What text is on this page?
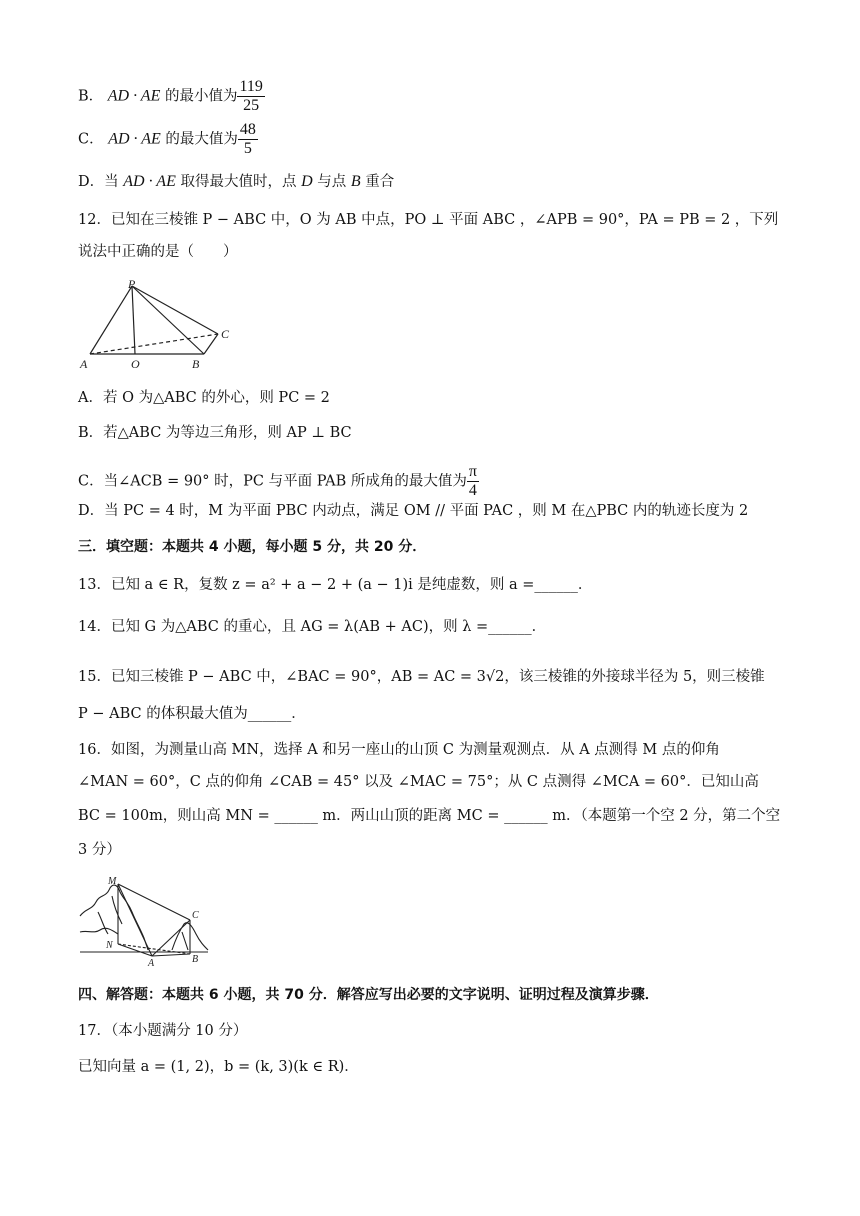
B． AD · AE 的最小值为 $\frac{119}{25}$
C． AD · AE 的最大值为 $\frac{48}{5}$
D．当 AD · AE 取得最大值时，点 D 与点 B 重合
12．已知在三棱锥 P − ABC 中，O 为 AB 中点，PO ⊥ 平面 ABC ，∠APB = 90°，PA = PB = 2 ，下列
说法中正确的是（　　）
P
C
A	O	B
A．若 O 为△ABC 的外心，则 PC = 2
B．若△ABC 为等边三角形，则 AP ⊥ BC
C．当∠ACB = 90° 时，PC 与平面 PAB 所成角的最大值为 $\frac{\pi}{4}$
D．当 PC = 4 时，M 为平面 PBC 内动点，满足 OM // 平面 PAC ，则 M 在△PBC 内的轨迹长度为 2
三．填空题：本题共 4 小题，每小题 5 分，共 20 分．
13．已知 a ∈ R，复数 z = a² + a − 2 + (a − 1)i 是纯虚数，则 a =______．
14．已知 G 为△ABC 的重心，且 AG = λ(AB + AC)，则 λ =______．
15．已知三棱锥 P − ABC 中，∠BAC = 90°，AB = AC = 3√2，该三棱锥的外接球半径为 5，则三棱锥
P − ABC 的体积最大值为______．
16．如图，为测量山高 MN，选择 A 和另一座山的山顶 C 为测量观测点．从 A 点测得 M 点的仰角
∠MAN = 60°，C 点的仰角 ∠CAB = 45° 以及 ∠MAC = 75°；从 C 点测得 ∠MCA = 60°．已知山高
BC = 100m，则山高 MN = ______ m．两山山顶的距离 MC = ______ m．（本题第一个空 2 分，第二个空
3 分）
M
C
N
A	B
四、解答题：本题共 6 小题，共 70 分．解答应写出必要的文字说明、证明过程及演算步骤．
17．（本小题满分 10 分）
已知向量 a = (1, 2)，b = (k, 3)(k ∈ R)．
